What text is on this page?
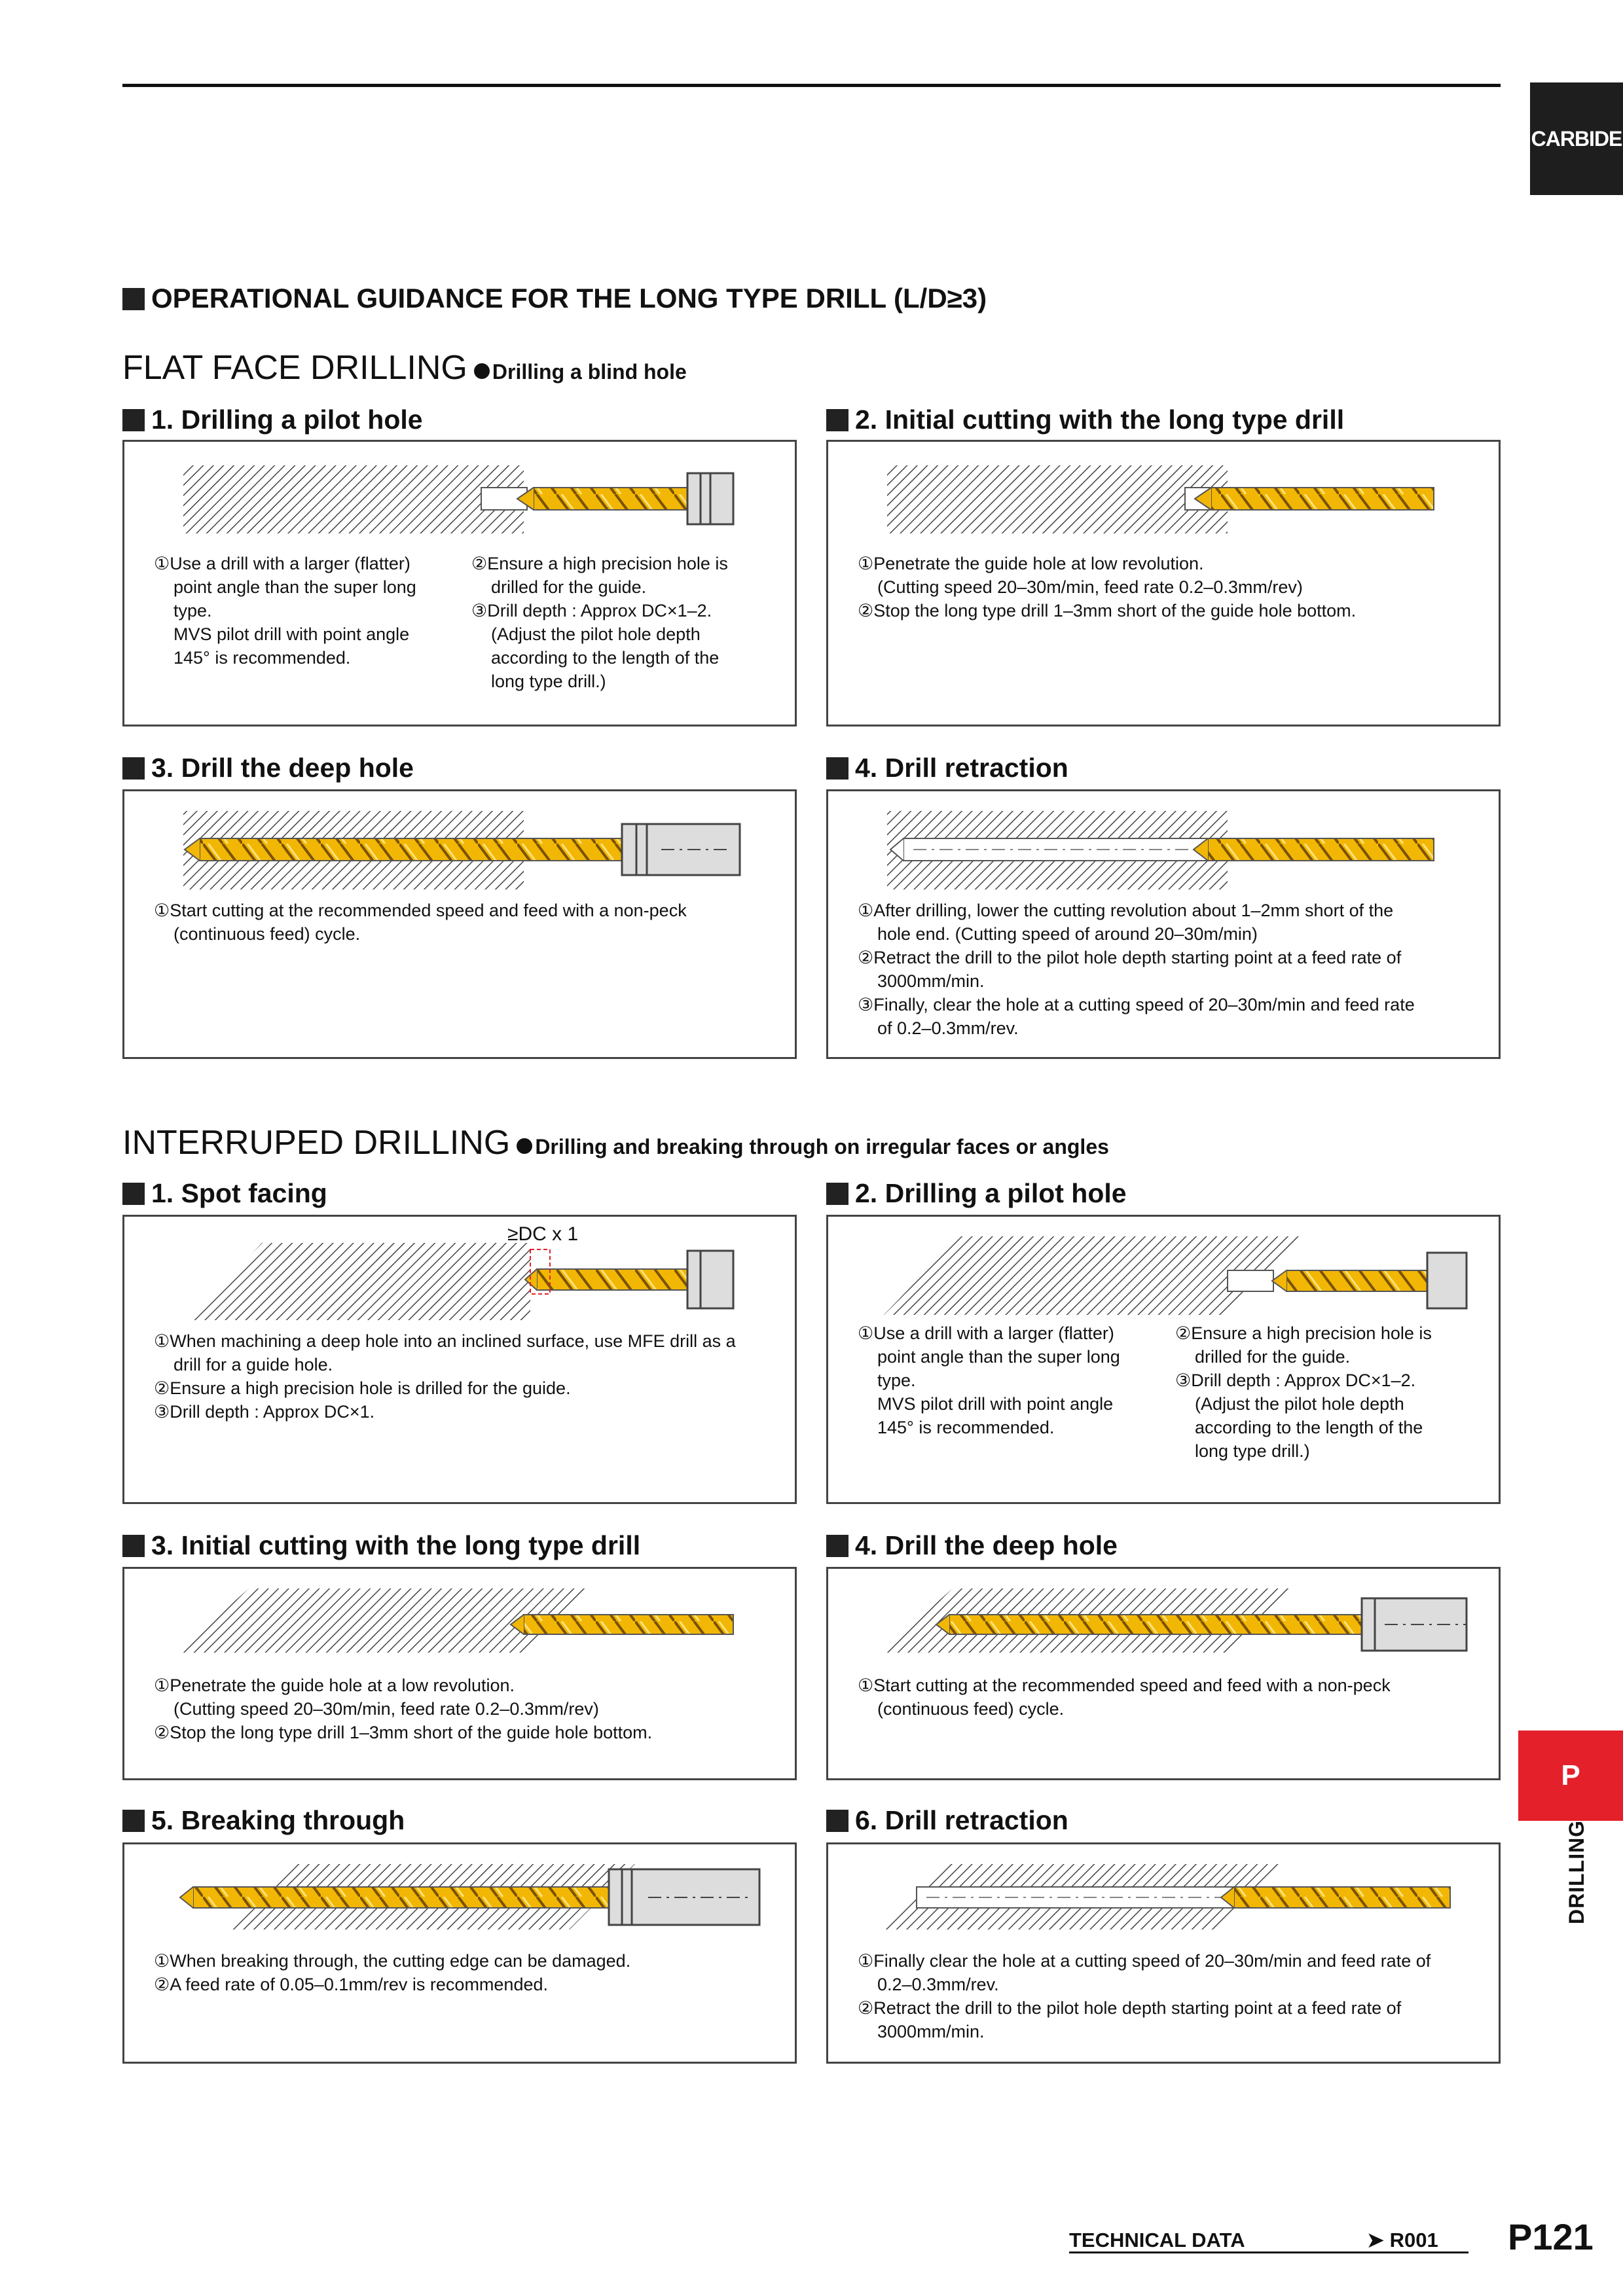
CARBIDE
P
DRILLING
OPERATIONAL GUIDANCE FOR THE LONG TYPE DRILL (L/D≥3)
FLAT FACE DRILLING Drilling a blind hole
1. Drilling a pilot hole
①Use a drill with a larger (flatter)
point angle than the super long
type.
MVS pilot drill with point angle
145° is recommended.
②Ensure a high precision hole is
drilled for the guide.
③Drill depth : Approx DC×1–2.
(Adjust the pilot hole depth
according to the length of the
long type drill.)
2. Initial cutting with the long type drill
①Penetrate the guide hole at low revolution.
(Cutting speed 20–30m/min, feed rate 0.2–0.3mm/rev)
②Stop the long type drill 1–3mm short of the guide hole bottom.
3. Drill the deep hole
①Start cutting at the recommended speed and feed with a non-peck
(continuous feed) cycle.
4. Drill retraction
①After drilling, lower the cutting revolution about 1–2mm short of the
hole end. (Cutting speed of around 20–30m/min)
②Retract the drill to the pilot hole depth starting point at a feed rate of
3000mm/min.
③Finally, clear the hole at a cutting speed of 20–30m/min and feed rate
of 0.2–0.3mm/rev.
INTERRUPED DRILLING Drilling and breaking through on irregular faces or angles
1. Spot facing
≥DC x 1
①When machining a deep hole into an inclined surface, use MFE drill as a
drill for a guide hole.
②Ensure a high precision hole is drilled for the guide.
③Drill depth : Approx DC×1.
2. Drilling a pilot hole
①Use a drill with a larger (flatter)
point angle than the super long
type.
MVS pilot drill with point angle
145° is recommended.
②Ensure a high precision hole is
drilled for the guide.
③Drill depth : Approx DC×1–2.
(Adjust the pilot hole depth
according to the length of the
long type drill.)
3. Initial cutting with the long type drill
①Penetrate the guide hole at a low revolution.
(Cutting speed 20–30m/min, feed rate 0.2–0.3mm/rev)
②Stop the long type drill 1–3mm short of the guide hole bottom.
4. Drill the deep hole
①Start cutting at the recommended speed and feed with a non-peck
(continuous feed) cycle.
5. Breaking through
①When breaking through, the cutting edge can be damaged.
②A feed rate of 0.05–0.1mm/rev is recommended.
6. Drill retraction
①Finally clear the hole at a cutting speed of 20–30m/min and feed rate of
0.2–0.3mm/rev.
②Retract the drill to the pilot hole depth starting point at a feed rate of
3000mm/min.
TECHNICAL DATA	➤ R001 P121
